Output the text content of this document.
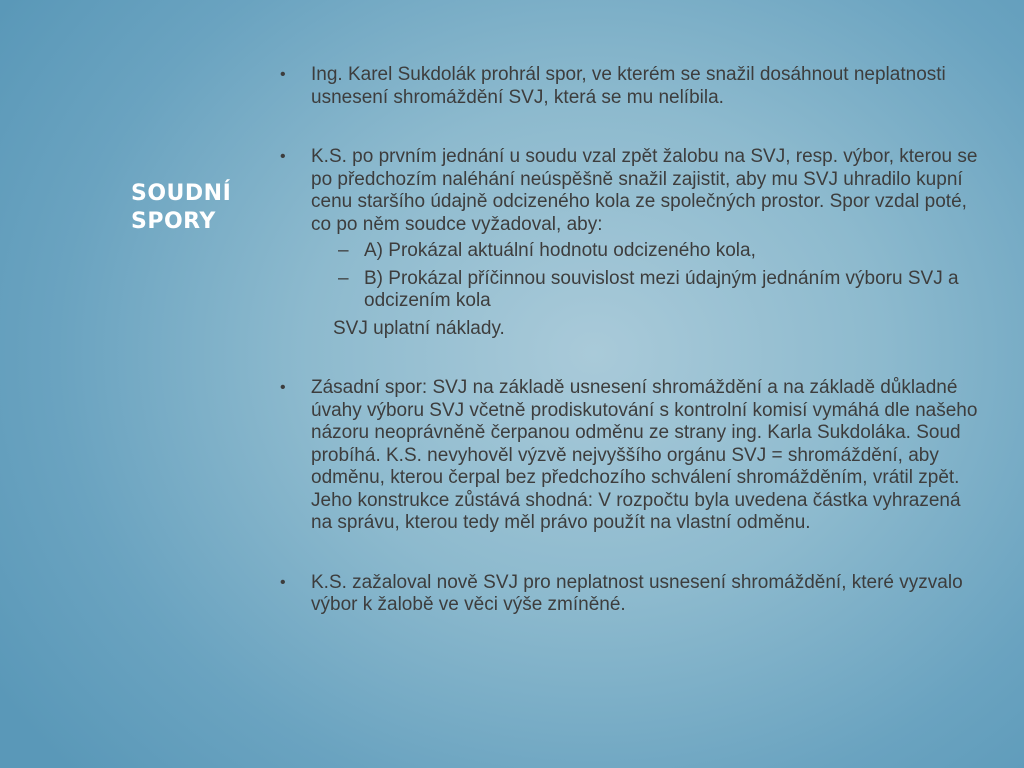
SOUDNÍ
SPORY
• Ing. Karel Sukdolák prohrál spor, ve kterém se snažil dosáhnout neplatnosti usnesení shromáždění SVJ, která se mu nelíbila.
• K.S. po prvním jednání u soudu vzal zpět žalobu na SVJ, resp. výbor, kterou se po předchozím naléhání neúspěšně snažil zajistit, aby mu SVJ uhradilo kupní cenu staršího údajně odcizeného kola ze společných prostor. Spor vzdal poté, co po něm soudce vyžadoval, aby:
– A) Prokázal aktuální hodnotu odcizeného kola,
– B) Prokázal příčinnou souvislost mezi údajným jednáním výboru SVJ a odcizením kola
SVJ uplatní náklady.
• Zásadní spor: SVJ na základě usnesení shromáždění a na základě důkladné úvahy výboru SVJ včetně prodiskutování s kontrolní komisí vymáhá dle našeho názoru neoprávněně čerpanou odměnu ze strany ing. Karla Sukdoláka. Soud probíhá. K.S. nevyhověl výzvě nejvyššího orgánu SVJ = shromáždění, aby odměnu, kterou čerpal bez předchozího schválení shromážděním, vrátil zpět. Jeho konstrukce zůstává shodná: V rozpočtu byla uvedena částka vyhrazená na správu, kterou tedy měl právo použít na vlastní odměnu.
• K.S. zažaloval nově SVJ pro neplatnost usnesení shromáždění, které vyzvalo výbor k žalobě ve věci výše zmíněné.
